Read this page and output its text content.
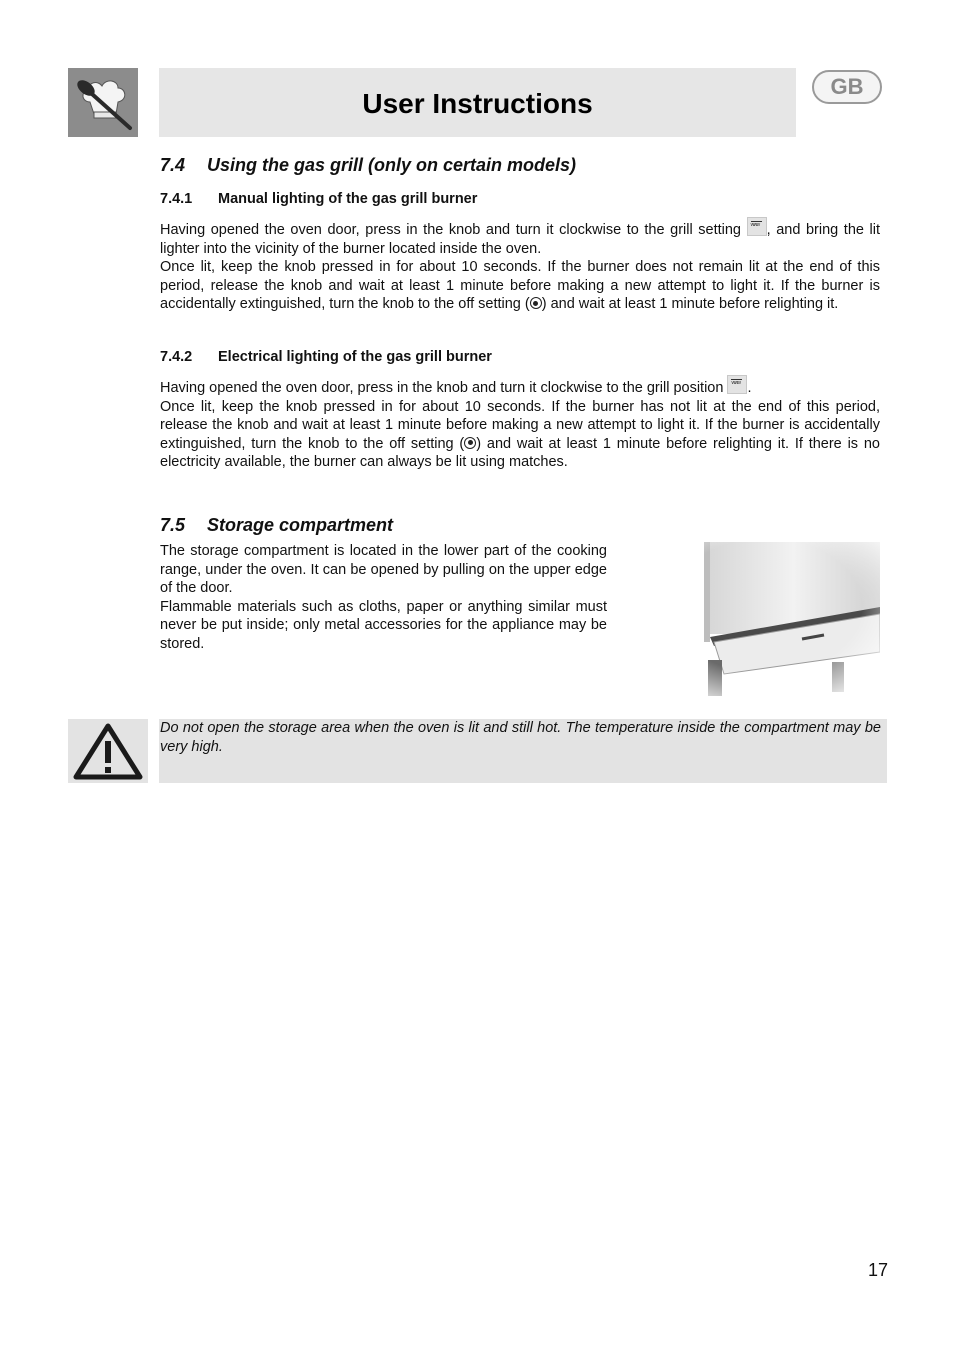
User Instructions
GB
7.4 Using the gas grill (only on certain models)
7.4.1 Manual lighting of the gas grill burner

Having opened the oven door, press in the knob and turn it clockwise to the grill setting ʷʷʷ , and bring the lit lighter into the vicinity of the burner located inside the oven.

Once lit, keep the knob pressed in for about 10 seconds. If the burner does not remain lit at the end of this period, release the knob and wait at least 1 minute before making a new attempt to light it. If the burner is accidentally extinguished, turn the knob to the off setting ( ) and wait at least 1 minute before relighting it.

7.4.2 Electrical lighting of the gas grill burner

Having opened the oven door, press in the knob and turn it clockwise to the grill position ʷʷʷ .

Once lit, keep the knob pressed in for about 10 seconds. If the burner has not lit at the end of this period, release the knob and wait at least 1 minute before making a new attempt to light it. If the burner is accidentally extinguished, turn the knob to the off setting ( ) and wait at least 1 minute before relighting it. If there is no electricity available, the burner can always be lit using matches.

7.5 Storage compartment

The storage compartment is located in the lower part of the cooking range, under the oven. It can be opened by pulling on the upper edge of the door.

Flammable materials such as cloths, paper or anything similar must never be put inside; only metal accessories for the appliance may be stored.

Do not open the storage area when the oven is lit and still hot. The temperature inside the compartment may be very high.
17
